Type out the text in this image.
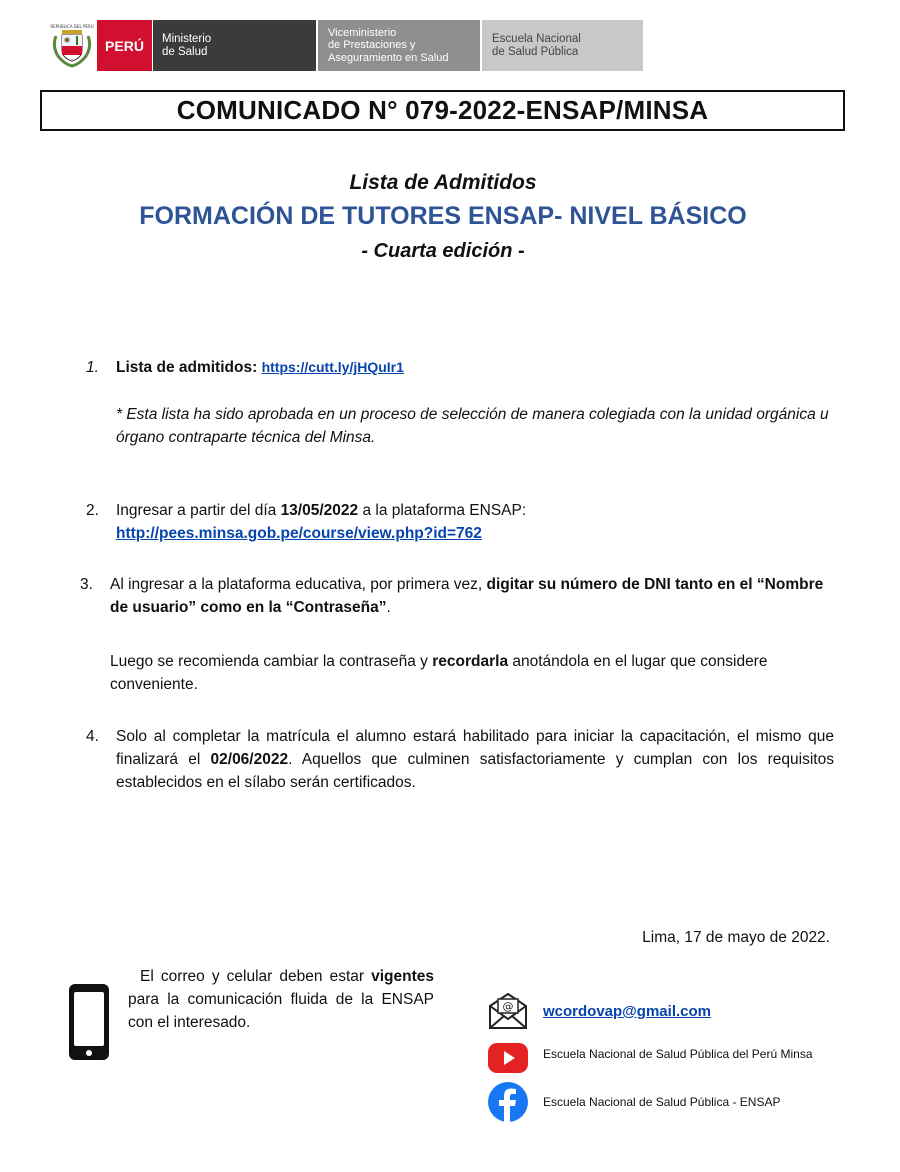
REPÚBLICA DEL PERÚ
PERÚ Ministerio
de Salud
Viceministerio
de Prestaciones y
Aseguramiento en Salud
Escuela Nacional
de Salud Pública
COMUNICADO N° 079-2022-ENSAP/MINSA
Lista de Admitidos
FORMACIÓN DE TUTORES ENSAP- NIVEL BÁSICO
- Cuarta edición -
1. Lista de admitidos: https://cutt.ly/jHQuIr1
* Esta lista ha sido aprobada en un proceso de selección de manera colegiada con la unidad orgánica u órgano contraparte técnica del Minsa.
2. Ingresar a partir del día 13/05/2022 a la plataforma ENSAP:
http://pees.minsa.gob.pe/course/view.php?id=762
3. Al ingresar a la plataforma educativa, por primera vez, digitar su número de DNI tanto en el “Nombre de usuario” como en la “Contraseña”.
Luego se recomienda cambiar la contraseña y recordarla anotándola en el lugar que considere conveniente.
4. Solo al completar la matrícula el alumno estará habilitado para iniciar la capacitación, el mismo que finalizará el 02/06/2022. Aquellos que culminen satisfactoriamente y cumplan con los requisitos establecidos en el sílabo serán certificados.
Lima, 17 de mayo de 2022.
El correo y celular deben estar vigentes para la comunicación fluida de la ENSAP con el interesado.
@ wcordovap@gmail.com
Escuela Nacional de Salud Pública del Perú Minsa
Escuela Nacional de Salud Pública - ENSAP
